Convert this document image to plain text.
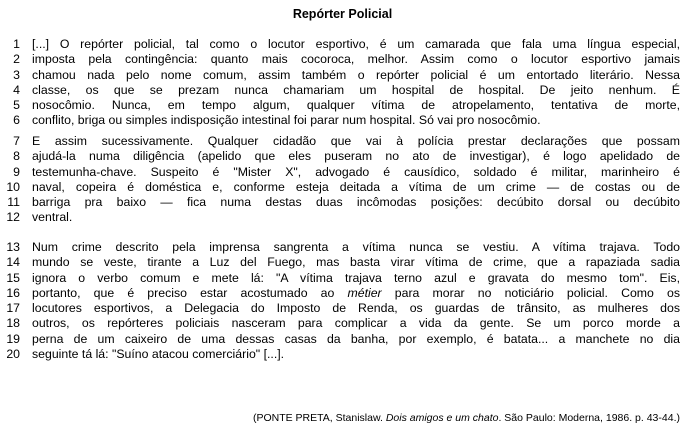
Repórter Policial
1 [...] O repórter policial, tal como o locutor esportivo, é um camarada que fala uma língua especial,
2 imposta pela contingência: quanto mais cocoroca, melhor. Assim como o locutor esportivo jamais
3 chamou nada pelo nome comum, assim também o repórter policial é um entortado literário. Nessa
4 classe, os que se prezam nunca chamariam um hospital de hospital. De jeito nenhum. É
5 nosocômio. Nunca, em tempo algum, qualquer vítima de atropelamento, tentativa de morte,
6 conflito, briga ou simples indisposição intestinal foi parar num hospital. Só vai pro nosocômio.
7 E assim sucessivamente. Qualquer cidadão que vai à polícia prestar declarações que possam
8 ajudá-la numa diligência (apelido que eles puseram no ato de investigar), é logo apelidado de
9 testemunha-chave. Suspeito é "Mister X", advogado é causídico, soldado é militar, marinheiro é
10 naval, copeira é doméstica e, conforme esteja deitada a vítima de um crime — de costas ou de
11 barriga pra baixo — fica numa destas duas incômodas posições: decúbito dorsal ou decúbito
12 ventral.
13 Num crime descrito pela imprensa sangrenta a vítima nunca se vestiu. A vítima trajava. Todo
14 mundo se veste, tirante a Luz del Fuego, mas basta virar vítima de crime, que a rapaziada sadia
15 ignora o verbo comum e mete lá: "A vítima trajava terno azul e gravata do mesmo tom". Eis,
16 portanto, que é preciso estar acostumado ao métier para morar no noticiário policial. Como os
17 locutores esportivos, a Delegacia do Imposto de Renda, os guardas de trânsito, as mulheres dos
18 outros, os repórteres policiais nasceram para complicar a vida da gente. Se um porco morde a
19 perna de um caixeiro de uma dessas casas da banha, por exemplo, é batata... a manchete no dia
20 seguinte tá lá: "Suíno atacou comerciário" [...].
(PONTE PRETA, Stanislaw. Dois amigos e um chato. São Paulo: Moderna, 1986. p. 43-44.)
